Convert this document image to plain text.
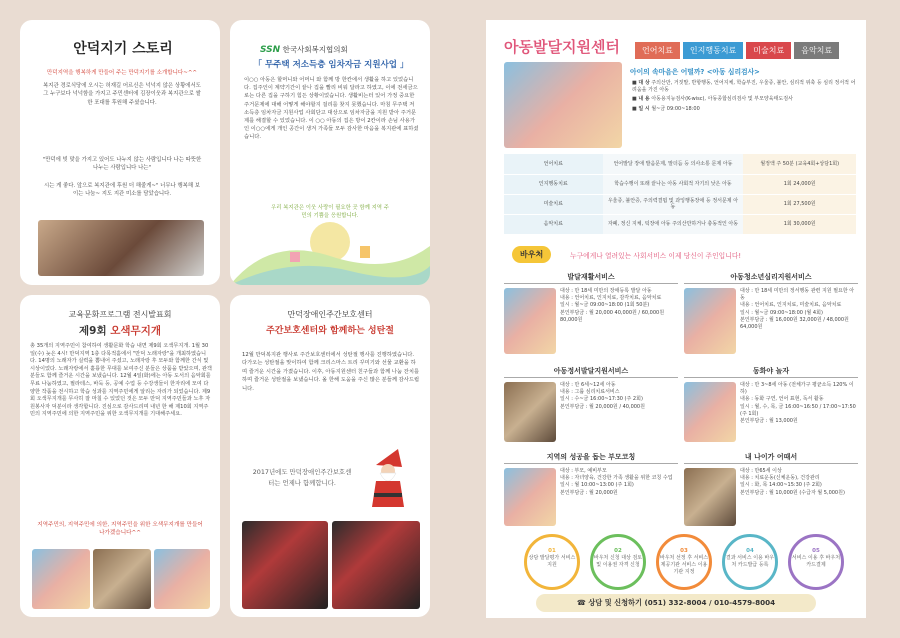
안덕지기 스토리
만덕지역을 행복하게 만들어 주는 만덕지기를 소개합니다~^^
복지관 경로식당에 오시는 허재길 어르신은 넉넉지 않은 상황에서도 그 누구보다 넉넉함을 가지고 주민센터에 김장이웃과 복지관으로 쌀 한 포대를 후원해 주셨습니다.
"만덕에 빚 맞을 가지고 있어도 나누지 않는 사람입니다 나는 따뜻한 나누는 사람입니다 나는"
시는 게 좋다. 앞으로 복지관에 후원 더 해줄게~" 너무나 행복해 보이는 나눔~ 지도 지관 미소를 담았습니다.
SSN 한국사회복지협의회
「 무주택 저소득층 임차자금 지원사업 」
이○○ 아동은 할머니와 어머니 와 함께 방 한칸에서 생활을 하고 있었습니다. 집주인이 계약기간이 끝나 집을 빨리 비워 달라고 하였고, 이에 전세금으로는 다른 집을 구하기 힘든 상황이었습니다. 생활비는터 있어 가정 중요한 주거문제에 대해 어떻게 해야할지 걸리를 찾지 못했습니다. 마침 무주택 저소득층 임차자금 지원사업 사회단고 대상으로 임차자금을 지원 받아 주거문제를 해결할 수 있었습니다. 이 ○○ 아동의 집은 방이 2칸이라 손님 사용가인 이○○에게 개인 공간이 생겨 가족들 모두 감사한 마음을 복지관에 표하셨습니다.
우리 복지관은 이웃 사랑이 필요한 곳 함께 지역 주민의 기쁨을 응원합니다.
교육문화프로그램 전시발표회
제9회 오색무지개
총 35개의 지역주민이 참여하여 생활문화 학습 내면 제9회 오색무지개. 1월 30일(수) 늦은 4시! 만덕지역 1층 다목적홀에서 "만덕 노래자랑"을 개최하였습니다. 14명의 노래자가 실력을 뽐내어 주셨고, 노래자랑 후 모두와 함께한 간식 및 시상이었다. 노래자랑에서 훌륭한 무대를 보여주신 분들은 상품을 받았으며, 관객 분들도 함께 즐거운 시간을 보냈습니다. 12월 4일(화)에는 아동 도서의 음악회를 무료 나눔하였고, 필라테스, 바둑 등, 공예 수업 등 수강생들이 한자리에 모여 다양한 작품을 전시하고 학습 성과를 지역주민에게 알리는 자리가 되었습니다. 제9회 오색무지개를 무사히 잘 마칠 수 있었던 것은 모두 만덕 지역주민들과 노후 자원봉사자 덕분이라 생각합니다. 진심으로 감사드리며 내년 한 해 제10회 지역주민의 지역주민에 의한 지역주민을 위한 오색무지개를 기대해주세요.
지역주민의, 지역주민에 의한, 지역주민을 위한 오색무지개를 만들어 나가겠습니다^^
만덕장애인주간보호센터
주간보호센터와 함께하는 성탄절
12월 만덕복지관 행사로 주간보호센터에서 성탄절 행사를 진행하였습니다. 다가오는 성탄절을 맞이하여 함께 크리스마스 트리 꾸미기와 선물 교환을 하며 즐거운 시간을 가졌습니다. 이후, 아동지원센터 친구들과 함께 나눔 잔치를 하며 즐거운 성탄절을 보냈습니다. 올 한해 도움을 주신 많은 분들께 감사드립니다.
2017년에도 만덕장애인주간보호센터는 언제나 함께합니다.
아동발달지원센터	언어치료 인지행동치료 미술치료 음악치료
아이의 속마음은 어떨까? <아동 심리검사>
■ 대 상 주의산만, 거짓말, 반항행동, 언어지체, 학습부진, 우울증, 불안, 심리적 위축 등 심리 정서적 어려움을 가진 아동
■ 내 용 아동용지능검사(K-wisc), 아동종합심리검사 및 부모양육태도검사
■ 일 시 월~금 09:00~18:00
언어치료	언어발달 장애 발음문제, 말더듬 등 의사소통 문제 아동	월정액 주 50분 (교육4회+상담1회)
인지행동치료	학습수행이 또래 끝나는 아동 사회적 자기의 낮은 아동	1회 24,000원
미술치료	우울증, 불안증, 주의력결핍 및 과잉행동장애 등 정서문제 아동	1회 27,500원
음악치료	자폐, 정신 지체, 틱장애 아동 주의산만하거나 충동적인 아동	1회 30,000원
바우처	누구에게나 열려있는 사회서비스 이제 당신이 주인입니다!
발달재활서비스
대상 : 만 18세 미만의 장애등록 발달 아동
내용 : 언어치료, 인지치료, 감각치료, 음악치료
일시 : 월~금 09:00~18:00 (1회 50분)
본인부담금 : 월 20,000 40,000원 / 60,000원 80,000원
아동청소년심리지원서비스
대상 : 만 18세 미만의 정서행동 관련 지원 필요한 아동
내용 : 언어치료, 인지치료, 미술치료, 음악치료
일시 : 월~금 09:00~18:00 (월 4회)
본인부담금 : 월 16,000원 32,000원 / 48,000원 64,000원
아동정서발달지원서비스
대상 : 만 6세~12세 아동
내용 : 그룹 심리치료서비스
일시 : 수~금 16:00~17:30 (주 2회)
본인부담금 : 월 20,000원 / 40,000원
동화야 놀자
대상 : 만 3~8세 아동 (전체가구 평균소득 120% 이하)
내용 : 동화 구연, 언어 표현, 독서 활동
일시 : 월, 수, 목, 금 16:00~16:50 / 17:00~17:50 (주 1회)
본인부담금 : 월 13,000원
지역의 성공을 돕는 부모코칭
대상 : 부모, 예비부모
내용 : 자녀양육, 건강한 가족 생활을 위한 코칭 수업
일시 : 월 10:00~13:00 (주 1회)
본인부담금 : 월 20,000원
내 나이가 어때서
대상 : 만65세 이상
내용 : 치료운동(신체운동), 건강관리
일시 : 화, 목 14:00~15:30 (주 2회)
본인부담금 : 월 10,000원 (수급자 월 5,000원)
01
상담 발달평가 서비스 지원
02
바우처 신청 대상 검토 및 이용권 자격 신청
03
바우처 선정 후 서비스 제공기관 서비스 이용 기관 지정
04
결과 서비스 이용 바우처 카드발급 등록
05
서비스 이용 후 바우처 카드결제
☎ 상담 및 신청하기 (051) 332-8004 / 010-4579-8004
